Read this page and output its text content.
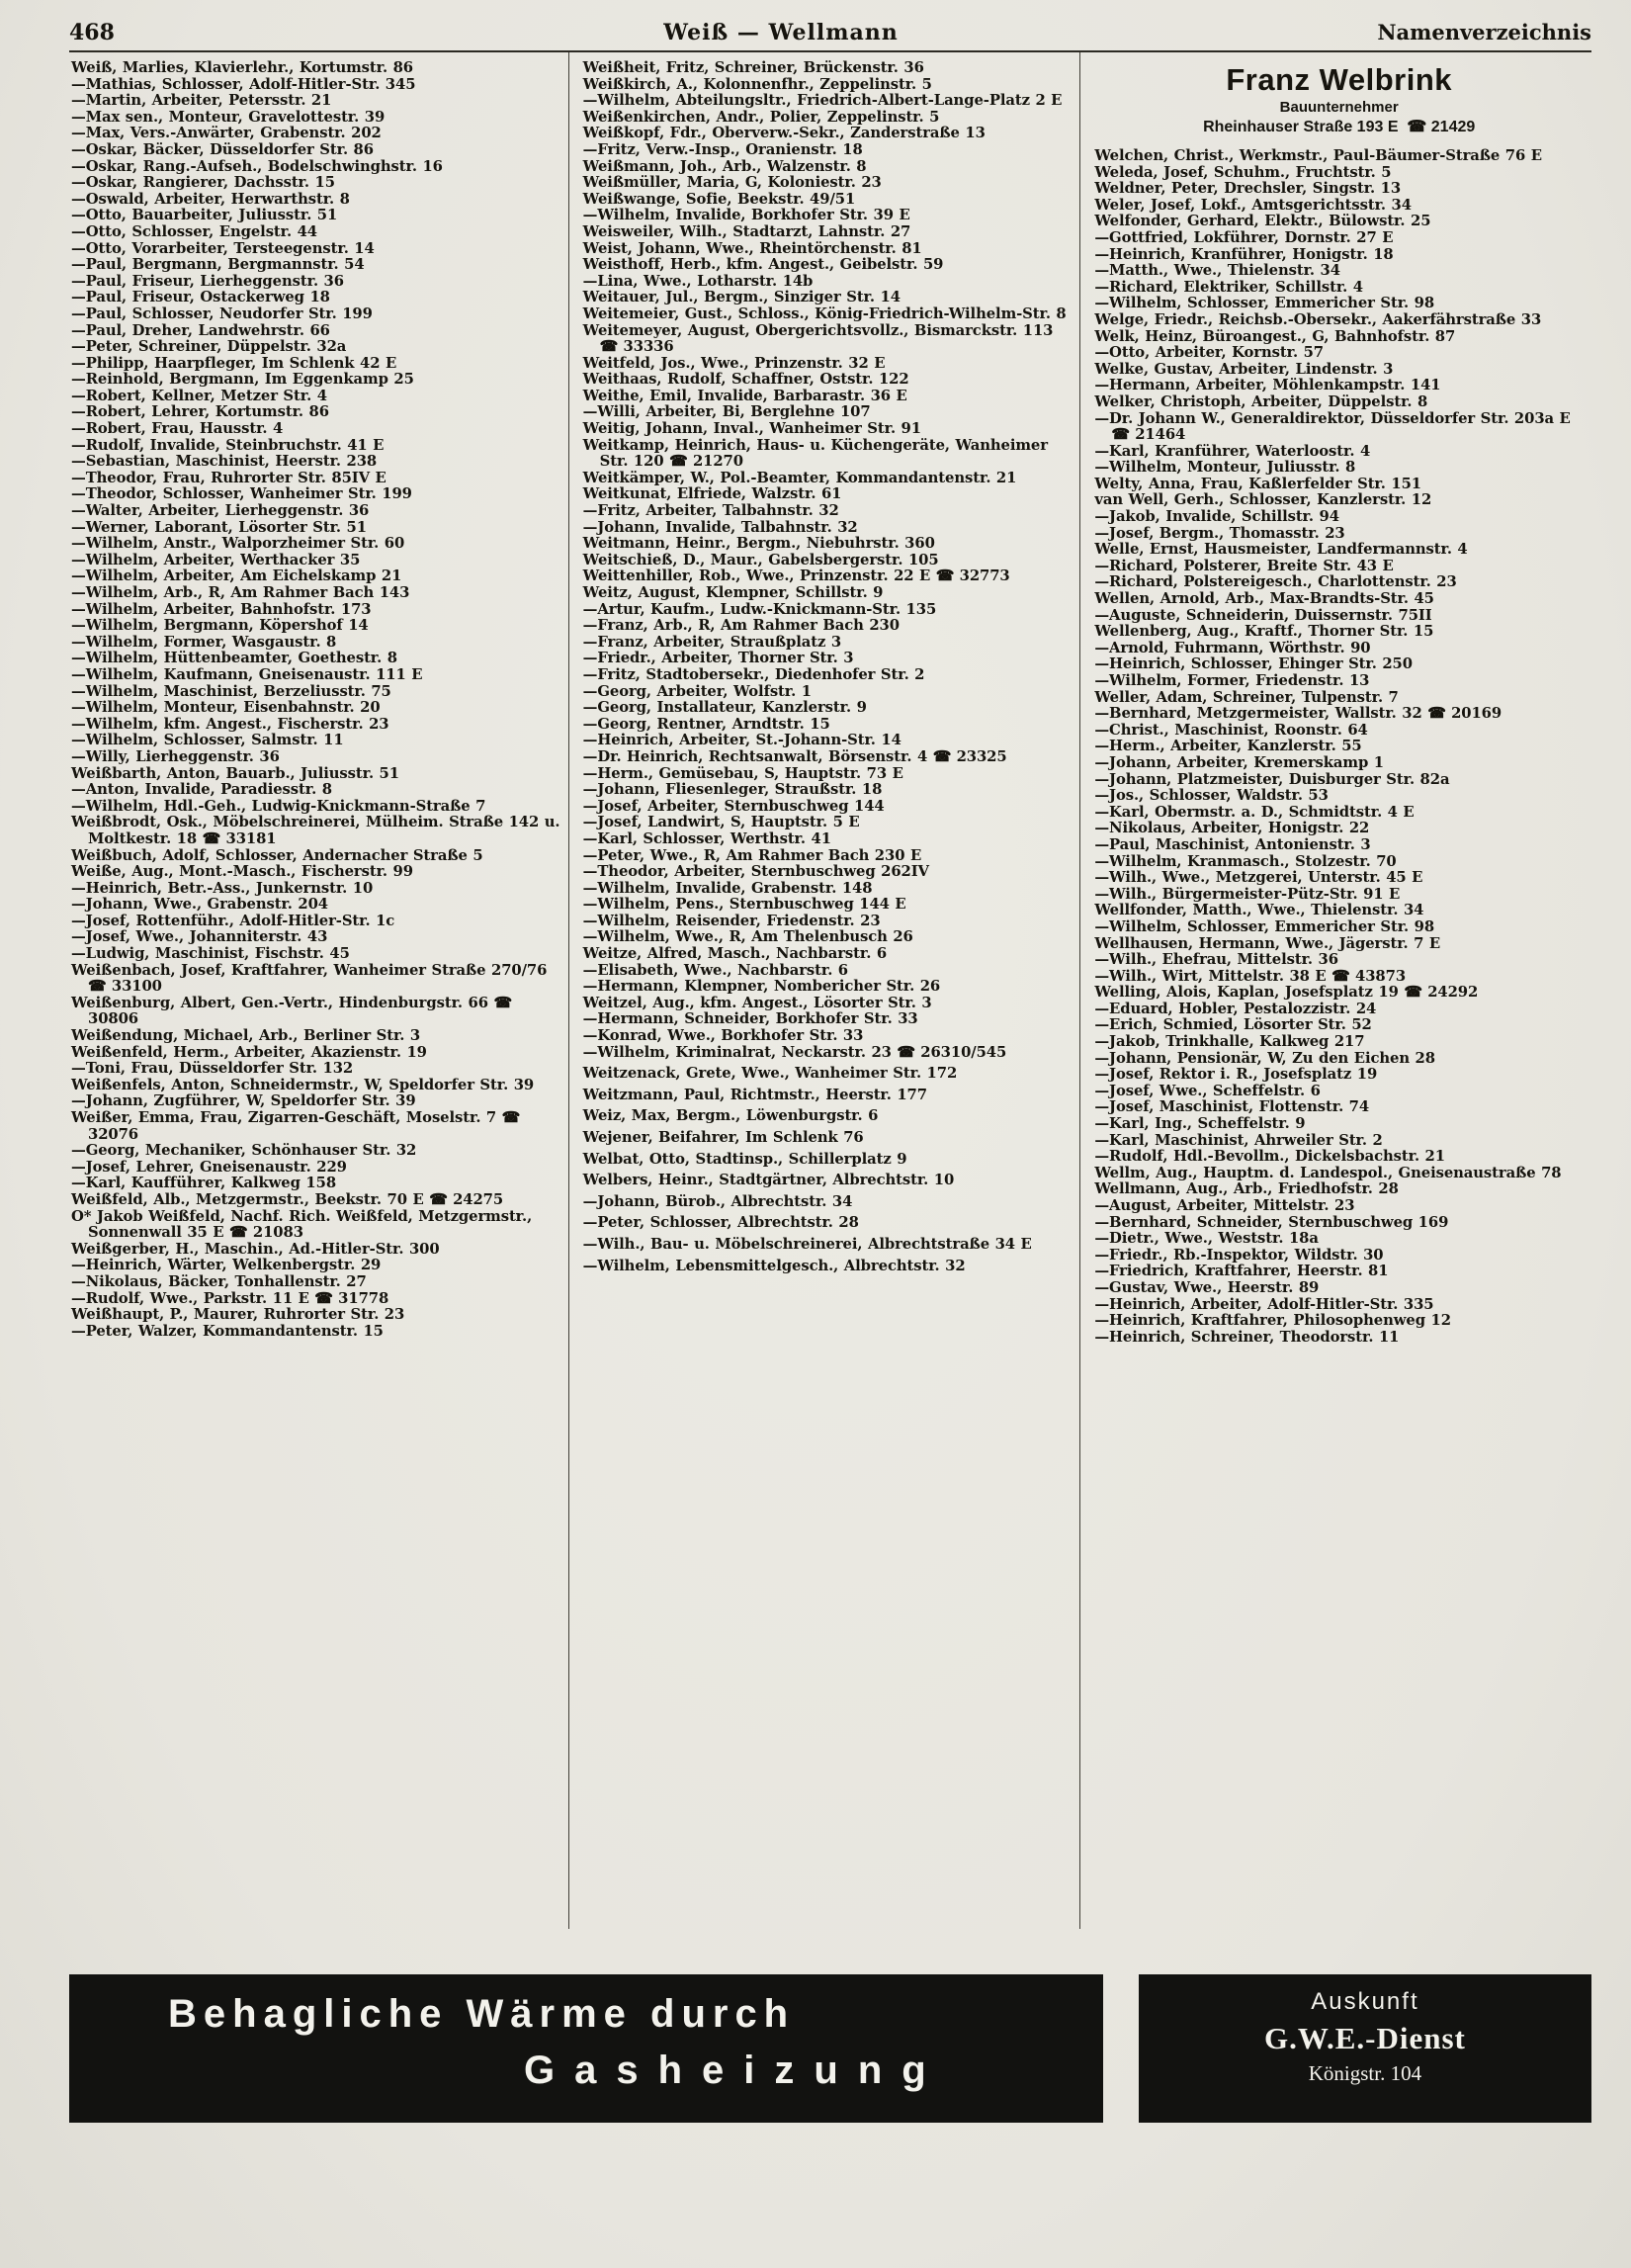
468	Weiß — Wellmann	Namenverzeichnis
Weiß, Marlies, Klavierlehr., Kortumstr. 86
—Mathias, Schlosser, Adolf-Hitler-Str. 345
—Martin, Arbeiter, Petersstr. 21
—Max sen., Monteur, Gravelottestr. 39
—Max, Vers.-Anwärter, Grabenstr. 202
—Oskar, Bäcker, Düsseldorfer Str. 86
—Oskar, Rang.-Aufseh., Bodelschwinghstr. 16
—Oskar, Rangierer, Dachsstr. 15
—Oswald, Arbeiter, Herwarthstr. 8
—Otto, Bauarbeiter, Juliusstr. 51
—Otto, Schlosser, Engelstr. 44
—Otto, Vorarbeiter, Tersteegenstr. 14
—Paul, Bergmann, Bergmannstr. 54
—Paul, Friseur, Lierheggenstr. 36
—Paul, Friseur, Ostackerweg 18
—Paul, Schlosser, Neudorfer Str. 199
—Paul, Dreher, Landwehrstr. 66
—Peter, Schreiner, Düppelstr. 32a
—Philipp, Haarpfleger, Im Schlenk 42 E
—Reinhold, Bergmann, Im Eggenkamp 25
—Robert, Kellner, Metzer Str. 4
—Robert, Lehrer, Kortumstr. 86
—Robert, Frau, Hausstr. 4
—Rudolf, Invalide, Steinbruchstr. 41 E
—Sebastian, Maschinist, Heerstr. 238
—Theodor, Frau, Ruhrorter Str. 85IV E
—Theodor, Schlosser, Wanheimer Str. 199
—Walter, Arbeiter, Lierheggenstr. 36
—Werner, Laborant, Lösorter Str. 51
—Wilhelm, Anstr., Walporzheimer Str. 60
—Wilhelm, Arbeiter, Werthacker 35
—Wilhelm, Arbeiter, Am Eichelskamp 21
—Wilhelm, Arb., R, Am Rahmer Bach 143
—Wilhelm, Arbeiter, Bahnhofstr. 173
—Wilhelm, Bergmann, Köpershof 14
—Wilhelm, Former, Wasgaustr. 8
—Wilhelm, Hüttenbeamter, Goethestr. 8
—Wilhelm, Kaufmann, Gneisenaustr. 111 E
—Wilhelm, Maschinist, Berzeliusstr. 75
—Wilhelm, Monteur, Eisenbahnstr. 20
—Wilhelm, kfm. Angest., Fischerstr. 23
—Wilhelm, Schlosser, Salmstr. 11
—Willy, Lierheggenstr. 36
Weißbarth, Anton, Bauarb., Juliusstr. 51
—Anton, Invalide, Paradiesstr. 8
—Wilhelm, Hdl.-Geh., Ludwig-Knickmann-Straße 7
Weißbrodt, Osk., Möbelschreinerei, Mülheim. Straße 142 u. Moltkestr. 18 ☎ 33181
Weißbuch, Adolf, Schlosser, Andernacher Straße 5
Weiße, Aug., Mont.-Masch., Fischerstr. 99
—Heinrich, Betr.-Ass., Junkernstr. 10
—Johann, Wwe., Grabenstr. 204
—Josef, Rottenführ., Adolf-Hitler-Str. 1c
—Josef, Wwe., Johanniterstr. 43
—Ludwig, Maschinist, Fischstr. 45
Weißenbach, Josef, Kraftfahrer, Wanheimer Straße 270/76 ☎ 33100
Weißenburg, Albert, Gen.-Vertr., Hindenburgstr. 66 ☎ 30806
Weißendung, Michael, Arb., Berliner Str. 3
Weißenfeld, Herm., Arbeiter, Akazienstr. 19
—Toni, Frau, Düsseldorfer Str. 132
Weißenfels, Anton, Schneidermstr., W, Speldorfer Str. 39
—Johann, Zugführer, W, Speldorfer Str. 39
Weißer, Emma, Frau, Zigarren-Geschäft, Moselstr. 7 ☎ 32076
—Georg, Mechaniker, Schönhauser Str. 32
—Josef, Lehrer, Gneisenaustr. 229
—Karl, Kaufführer, Kalkweg 158
Weißfeld, Alb., Metzgermstr., Beekstr. 70 E ☎ 24275
O* Jakob Weißfeld, Nachf. Rich. Weißfeld, Metzgermstr., Sonnenwall 35 E ☎ 21083
Weißgerber, H., Maschin., Ad.-Hitler-Str. 300
—Heinrich, Wärter, Welkenbergstr. 29
—Nikolaus, Bäcker, Tonhallenstr. 27
—Rudolf, Wwe., Parkstr. 11 E ☎ 31778
Weißhaupt, P., Maurer, Ruhrorter Str. 23
—Peter, Walzer, Kommandantenstr. 15
Weißheit, Fritz, Schreiner, Brückenstr. 36
Weißkirch, A., Kolonnenfhr., Zeppelinstr. 5
—Wilhelm, Abteilungsltr., Friedrich-Albert-Lange-Platz 2 E
Weißenkirchen, Andr., Polier, Zeppelinstr. 5
Weißkopf, Fdr., Oberverw.-Sekr., Zanderstraße 13
—Fritz, Verw.-Insp., Oranienstr. 18
Weißmann, Joh., Arb., Walzenstr. 8
Weißmüller, Maria, G, Koloniestr. 23
Weißwange, Sofie, Beekstr. 49/51
—Wilhelm, Invalide, Borkhofer Str. 39 E
Weisweiler, Wilh., Stadtarzt, Lahnstr. 27
Weist, Johann, Wwe., Rheintörchenstr. 81
Weisthoff, Herb., kfm. Angest., Geibelstr. 59
—Lina, Wwe., Lotharstr. 14b
Weitauer, Jul., Bergm., Sinziger Str. 14
Weitemeier, Gust., Schloss., König-Friedrich-Wilhelm-Str. 8
Weitemeyer, August, Obergerichtsvollz., Bismarckstr. 113 ☎ 33336
Weitfeld, Jos., Wwe., Prinzenstr. 32 E
Weithaas, Rudolf, Schaffner, Oststr. 122
Weithe, Emil, Invalide, Barbarastr. 36 E
—Willi, Arbeiter, Bi, Berglehne 107
Weitig, Johann, Inval., Wanheimer Str. 91
Weitkamp, Heinrich, Haus- u. Küchengeräte, Wanheimer Str. 120 ☎ 21270
Weitkämper, W., Pol.-Beamter, Kommandantenstr. 21
Weitkunat, Elfriede, Walzstr. 61
—Fritz, Arbeiter, Talbahnstr. 32
—Johann, Invalide, Talbahnstr. 32
Weitmann, Heinr., Bergm., Niebuhrstr. 360
Weitschieß, D., Maur., Gabelsbergerstr. 105
Weittenhiller, Rob., Wwe., Prinzenstr. 22 E ☎ 32773
Weitz, August, Klempner, Schillstr. 9
—Artur, Kaufm., Ludw.-Knickmann-Str. 135
—Franz, Arb., R, Am Rahmer Bach 230
—Franz, Arbeiter, Straußplatz 3
—Friedr., Arbeiter, Thorner Str. 3
—Fritz, Stadtobersekr., Diedenhofer Str. 2
—Georg, Arbeiter, Wolfstr. 1
—Georg, Installateur, Kanzlerstr. 9
—Georg, Rentner, Arndtstr. 15
—Heinrich, Arbeiter, St.-Johann-Str. 14
—Dr. Heinrich, Rechtsanwalt, Börsenstr. 4 ☎ 23325
—Herm., Gemüsebau, S, Hauptstr. 73 E
—Johann, Fliesenleger, Straußstr. 18
—Josef, Arbeiter, Sternbuschweg 144
—Josef, Landwirt, S, Hauptstr. 5 E
—Karl, Schlosser, Werthstr. 41
—Peter, Wwe., R, Am Rahmer Bach 230 E
—Theodor, Arbeiter, Sternbuschweg 262IV
—Wilhelm, Invalide, Grabenstr. 148
—Wilhelm, Pens., Sternbuschweg 144 E
—Wilhelm, Reisender, Friedenstr. 23
—Wilhelm, Wwe., R, Am Thelenbusch 26
Weitze, Alfred, Masch., Nachbarstr. 6
—Elisabeth, Wwe., Nachbarstr. 6
—Hermann, Klempner, Nombericher Str. 26
Weitzel, Aug., kfm. Angest., Lösorter Str. 3
—Hermann, Schneider, Borkhofer Str. 33
—Konrad, Wwe., Borkhofer Str. 33
—Wilhelm, Kriminalrat, Neckarstr. 23 ☎ 26310/545
Weitzenack, Grete, Wwe., Wanheimer Str. 172
Weitzmann, Paul, Richtmstr., Heerstr. 177
Weiz, Max, Bergm., Löwenburgstr. 6
Wejener, Beifahrer, Im Schlenk 76
Welbat, Otto, Stadtinsp., Schillerplatz 9
Welbers, Heinr., Stadtgärtner, Albrechtstr. 10
—Johann, Bürob., Albrechtstr. 34
—Peter, Schlosser, Albrechtstr. 28
—Wilh., Bau- u. Möbelschreinerei, Albrechtstraße 34 E
—Wilhelm, Lebensmittelgesch., Albrechtstr. 32
Franz Welbrink
Bauunternehmer
Rheinhauser Straße 193 E ☎ 21429
Welchen, Christ., Werkmstr., Paul-Bäumer-Straße 76 E
Weleda, Josef, Schuhm., Fruchtstr. 5
Weldner, Peter, Drechsler, Singstr. 13
Weler, Josef, Lokf., Amtsgerichtsstr. 34
Welfonder, Gerhard, Elektr., Bülowstr. 25
—Gottfried, Lokführer, Dornstr. 27 E
—Heinrich, Kranführer, Honigstr. 18
—Matth., Wwe., Thielenstr. 34
—Richard, Elektriker, Schillstr. 4
—Wilhelm, Schlosser, Emmericher Str. 98
Welge, Friedr., Reichsb.-Obersekr., Aakerfährstraße 33
Welk, Heinz, Büroangest., G, Bahnhofstr. 87
—Otto, Arbeiter, Kornstr. 57
Welke, Gustav, Arbeiter, Lindenstr. 3
—Hermann, Arbeiter, Möhlenkampstr. 141
Welker, Christoph, Arbeiter, Düppelstr. 8
—Dr. Johann W., Generaldirektor, Düsseldorfer Str. 203a E ☎ 21464
—Karl, Kranführer, Waterloostr. 4
—Wilhelm, Monteur, Juliusstr. 8
Welty, Anna, Frau, Kaßlerfelder Str. 151
van Well, Gerh., Schlosser, Kanzlerstr. 12
—Jakob, Invalide, Schillstr. 94
—Josef, Bergm., Thomasstr. 23
Welle, Ernst, Hausmeister, Landfermannstr. 4
—Richard, Polsterer, Breite Str. 43 E
—Richard, Polstereigesch., Charlottenstr. 23
Wellen, Arnold, Arb., Max-Brandts-Str. 45
—Auguste, Schneiderin, Duissernstr. 75II
Wellenberg, Aug., Kraftf., Thorner Str. 15
—Arnold, Fuhrmann, Wörthstr. 90
—Heinrich, Schlosser, Ehinger Str. 250
—Wilhelm, Former, Friedenstr. 13
Weller, Adam, Schreiner, Tulpenstr. 7
—Bernhard, Metzgermeister, Wallstr. 32 ☎ 20169
—Christ., Maschinist, Roonstr. 64
—Herm., Arbeiter, Kanzlerstr. 55
—Johann, Arbeiter, Kremerskamp 1
—Johann, Platzmeister, Duisburger Str. 82a
—Jos., Schlosser, Waldstr. 53
—Karl, Obermstr. a. D., Schmidtstr. 4 E
—Nikolaus, Arbeiter, Honigstr. 22
—Paul, Maschinist, Antonienstr. 3
—Wilhelm, Kranmasch., Stolzestr. 70
—Wilh., Wwe., Metzgerei, Unterstr. 45 E
—Wilh., Bürgermeister-Pütz-Str. 91 E
Wellfonder, Matth., Wwe., Thielenstr. 34
—Wilhelm, Schlosser, Emmericher Str. 98
Wellhausen, Hermann, Wwe., Jägerstr. 7 E
—Wilh., Ehefrau, Mittelstr. 36
—Wilh., Wirt, Mittelstr. 38 E ☎ 43873
Welling, Alois, Kaplan, Josefsplatz 19 ☎ 24292
—Eduard, Hobler, Pestalozzistr. 24
—Erich, Schmied, Lösorter Str. 52
—Jakob, Trinkhalle, Kalkweg 217
—Johann, Pensionär, W, Zu den Eichen 28
—Josef, Rektor i. R., Josefsplatz 19
—Josef, Wwe., Scheffelstr. 6
—Josef, Maschinist, Flottenstr. 74
—Karl, Ing., Scheffelstr. 9
—Karl, Maschinist, Ahrweiler Str. 2
—Rudolf, Hdl.-Bevollm., Dickelsbachstr. 21
Wellm, Aug., Hauptm. d. Landespol., Gneisenaustraße 78
Wellmann, Aug., Arb., Friedhofstr. 28
—August, Arbeiter, Mittelstr. 23
—Bernhard, Schneider, Sternbuschweg 169
—Dietr., Wwe., Weststr. 18a
—Friedr., Rb.-Inspektor, Wildstr. 30
—Friedrich, Kraftfahrer, Heerstr. 81
—Gustav, Wwe., Heerstr. 89
—Heinrich, Arbeiter, Adolf-Hitler-Str. 335
—Heinrich, Kraftfahrer, Philosophenweg 12
—Heinrich, Schreiner, Theodorstr. 11
Behagliche Wärme durch
Gasheizung
Auskunft
G.W.E.-Dienst
Königstr. 104
